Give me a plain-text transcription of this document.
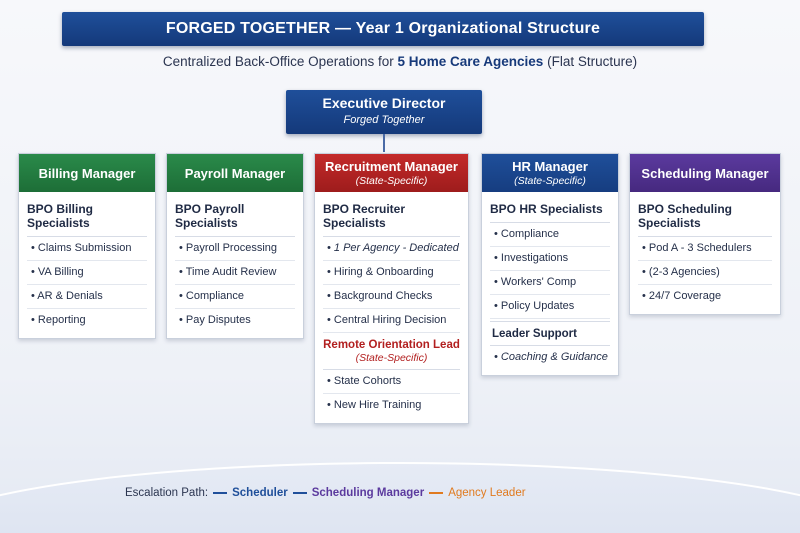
FORGED TOGETHER — Year 1 Organizational Structure
Centralized Back-Office Operations for 5 Home Care Agencies (Flat Structure)
Executive Director
Forged Together
Billing Manager
BPO Billing Specialists
• Claims Submission
• VA Billing
• AR & Denials
• Reporting
Payroll Manager
BPO Payroll Specialists
• Payroll Processing
• Time Audit Review
• Compliance
• Pay Disputes
Recruitment Manager
(State-Specific)
BPO Recruiter Specialists
• 1 Per Agency - Dedicated
• Hiring & Onboarding
• Background Checks
• Central Hiring Decision
Remote Orientation Lead
(State-Specific)
• State Cohorts
• New Hire Training
HR Manager
(State-Specific)
BPO HR Specialists
• Compliance
• Investigations
• Workers' Comp
• Policy Updates
Leader Support
• Coaching & Guidance
Scheduling Manager
BPO Scheduling Specialists
• Pod A - 3 Schedulers
• (2-3 Agencies)
• 24/7 Coverage
Escalation Path: Scheduler Scheduling Manager Agency Leader
